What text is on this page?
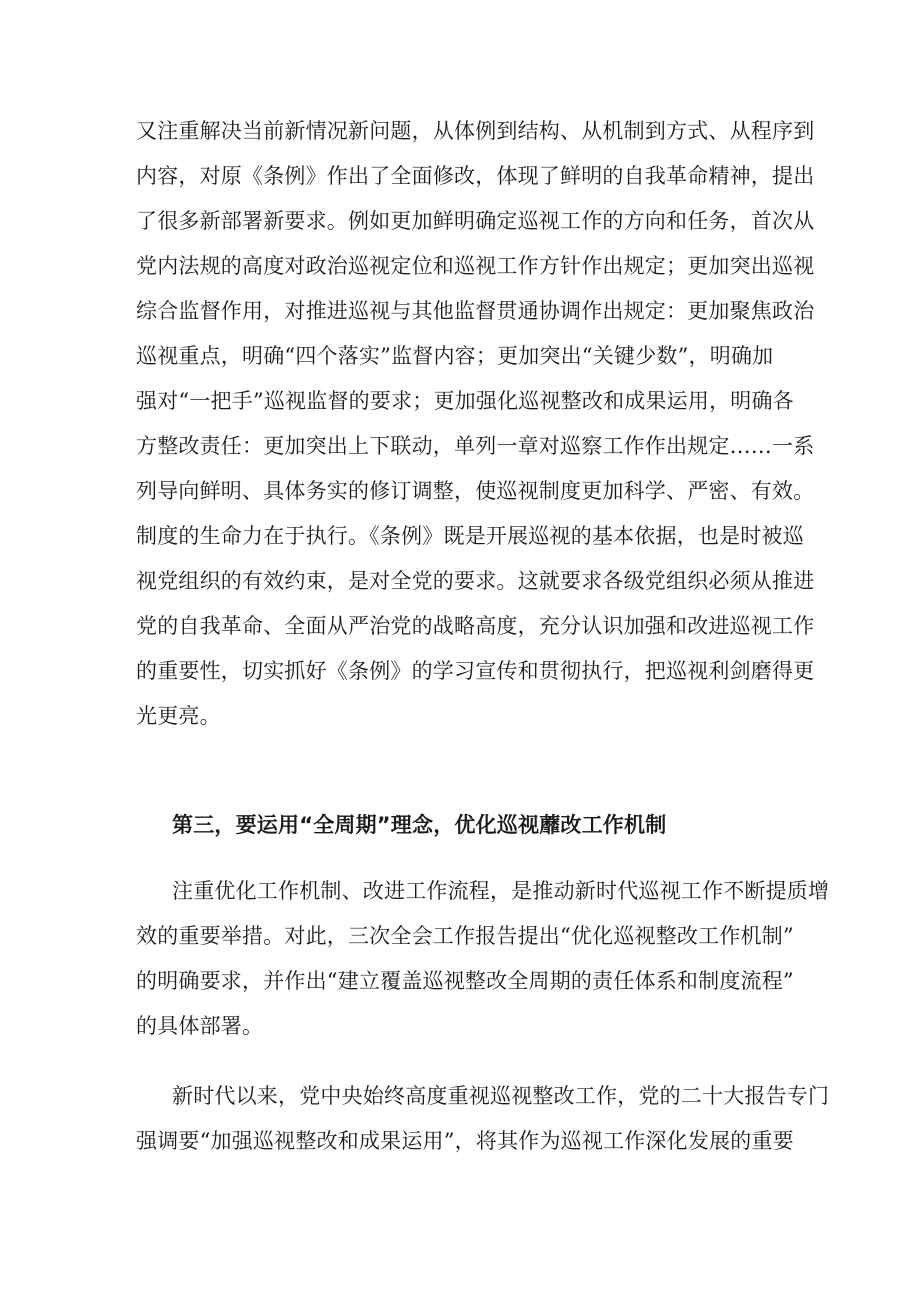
又注重解决当前新情况新问题，从体例到结构、从机制到方式、从程序到
内容，对原《条例》作出了全面修改，体现了鲜明的自我革命精神，提出
了很多新部署新要求。例如更加鲜明确定巡视工作的方向和任务，首次从
党内法规的高度对政治巡视定位和巡视工作方针作出规定；更加突出巡视
综合监督作用，对推进巡视与其他监督贯通协调作出规定：更加聚焦政治
巡视重点，明确“四个落实”监督内容；更加突出“关键少数”，明确加
强对“一把手”巡视监督的要求；更加强化巡视整改和成果运用，明确各
方整改责任：更加突出上下联动，单列一章对巡察工作作出规定……一系
列导向鲜明、具体务实的修订调整，使巡视制度更加科学、严密、有效。
制度的生命力在于执行。《条例》既是开展巡视的基本依据，也是时被巡
视党组织的有效约束，是对全党的要求。这就要求各级党组织必须从推进
党的自我革命、全面从严治党的战略高度，充分认识加强和改进巡视工作
的重要性，切实抓好《条例》的学习宣传和贯彻执行，把巡视利剑磨得更
光更亮。
第三，要运用“全周期”理念，优化巡视蘼改工作机制
注重优化工作机制、改进工作流程，是推动新时代巡视工作不断提质增
效的重要举措。对此，三次全会工作报告提出“优化巡视整改工作机制”
的明确要求，并作出“建立覆盖巡视整改全周期的责任体系和制度流程”
的具体部署。
新时代以来，党中央始终高度重视巡视整改工作，党的二十大报告专门
强调要“加强巡视整改和成果运用”，将其作为巡视工作深化发展的重要
